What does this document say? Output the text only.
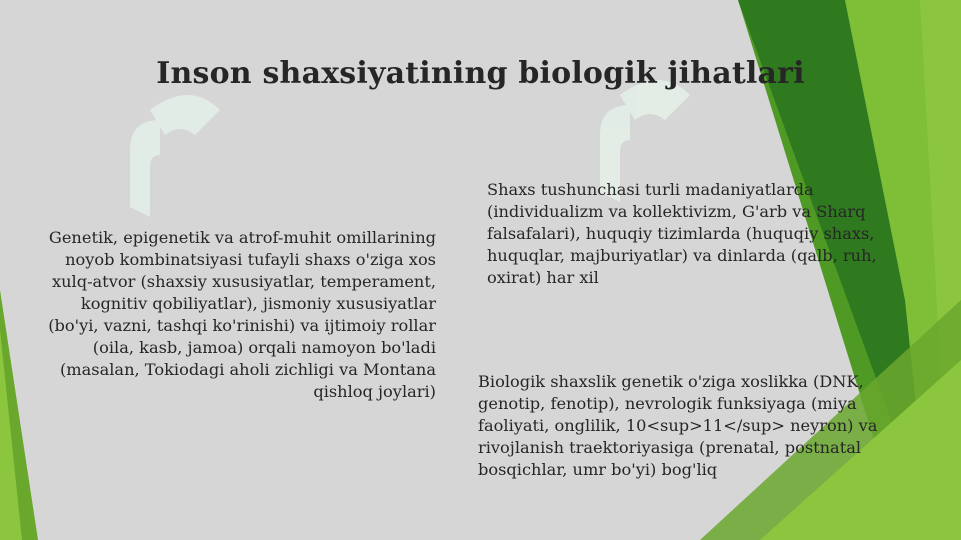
Inson shaxsiyatining biologik jihatlari

Genetik, epigenetik va atrof-muhit omillarining noyob kombinatsiyasi tufayli shaxs o'ziga xos xulq-atvor (shaxsiy xususiyatlar, temperament, kognitiv qobiliyatlar), jismoniy xususiyatlar (bo'yi, vazni, tashqi ko'rinishi) va ijtimoiy rollar (oila, kasb, jamoa) orqali namoyon bo'ladi (masalan, Tokiodagi aholi zichligi va Montana qishloq joylari)

Shaxs tushunchasi turli madaniyatlarda (individualizm va kollektivizm, G'arb va Sharq falsafalari), huquqiy tizimlarda (huquqiy shaxs, huquqlar, majburiyatlar) va dinlarda (qalb, ruh, oxirat) har xil

Biologik shaxslik genetik o'ziga xoslikka (DNK, genotip, fenotip), nevrologik funksiyaga (miya faoliyati, onglilik, 10<sup>11</sup> neyron) va rivojlanish traektoriyasiga (prenatal, postnatal bosqichlar, umr bo'yi) bog'liq
